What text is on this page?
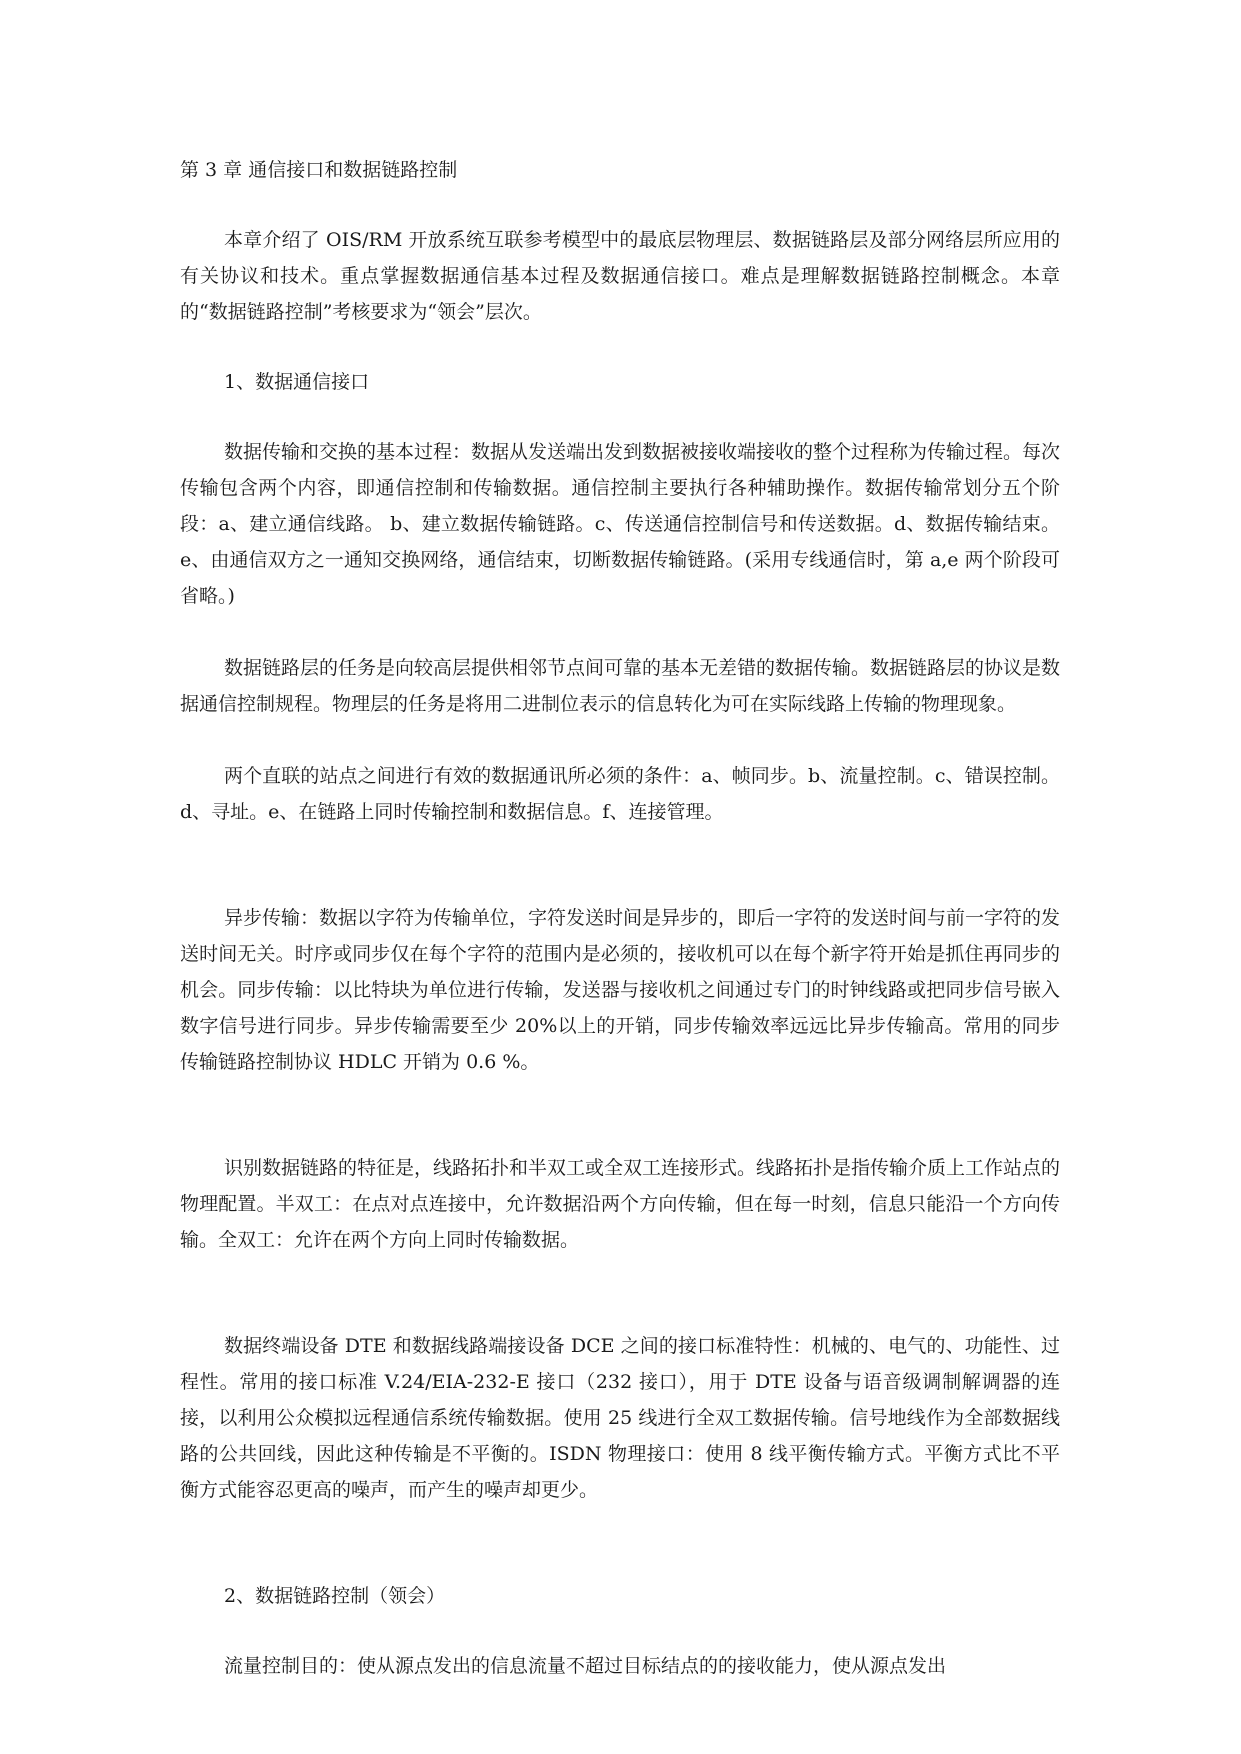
第 3 章 通信接口和数据链路控制

本章介绍了 OIS/RM 开放系统互联参考模型中的最底层物理层、数据链路层及部分网络层所应用的有关协议和技术。重点掌握数据通信基本过程及数据通信接口。难点是理解数据链路控制概念。本章的“数据链路控制”考核要求为“领会”层次。

1、数据通信接口

数据传输和交换的基本过程：数据从发送端出发到数据被接收端接收的整个过程称为传输过程。每次传输包含两个内容，即通信控制和传输数据。通信控制主要执行各种辅助操作。数据传输常划分五个阶段：a、建立通信线路。 b、建立数据传输链路。c、传送通信控制信号和传送数据。d、数据传输结束。e、由通信双方之一通知交换网络，通信结束，切断数据传输链路。(采用专线通信时，第 a,e 两个阶段可省略。)

数据链路层的任务是向较高层提供相邻节点间可靠的基本无差错的数据传输。数据链路层的协议是数据通信控制规程。物理层的任务是将用二进制位表示的信息转化为可在实际线路上传输的物理现象。

两个直联的站点之间进行有效的数据通讯所必须的条件：a、帧同步。b、流量控制。c、错误控制。d、寻址。e、在链路上同时传输控制和数据信息。f、连接管理。

异步传输：数据以字符为传输单位，字符发送时间是异步的，即后一字符的发送时间与前一字符的发送时间无关。时序或同步仅在每个字符的范围内是必须的，接收机可以在每个新字符开始是抓住再同步的机会。同步传输：以比特块为单位进行传输，发送器与接收机之间通过专门的时钟线路或把同步信号嵌入数字信号进行同步。异步传输需要至少 20%以上的开销，同步传输效率远远比异步传输高。常用的同步传输链路控制协议 HDLC 开销为 0.6 %。

识别数据链路的特征是，线路拓扑和半双工或全双工连接形式。线路拓扑是指传输介质上工作站点的物理配置。半双工：在点对点连接中，允许数据沿两个方向传输，但在每一时刻，信息只能沿一个方向传输。全双工：允许在两个方向上同时传输数据。

数据终端设备 DTE 和数据线路端接设备 DCE 之间的接口标准特性：机械的、电气的、功能性、过程性。常用的接口标准 V.24/EIA-232-E 接口（232 接口），用于 DTE 设备与语音级调制解调器的连接，以利用公众模拟远程通信系统传输数据。使用 25 线进行全双工数据传输。信号地线作为全部数据线路的公共回线，因此这种传输是不平衡的。ISDN 物理接口：使用 8 线平衡传输方式。平衡方式比不平衡方式能容忍更高的噪声，而产生的噪声却更少。

2、数据链路控制（领会）

流量控制目的：使从源点发出的信息流量不超过目标结点的的接收能力，使从源点发出
